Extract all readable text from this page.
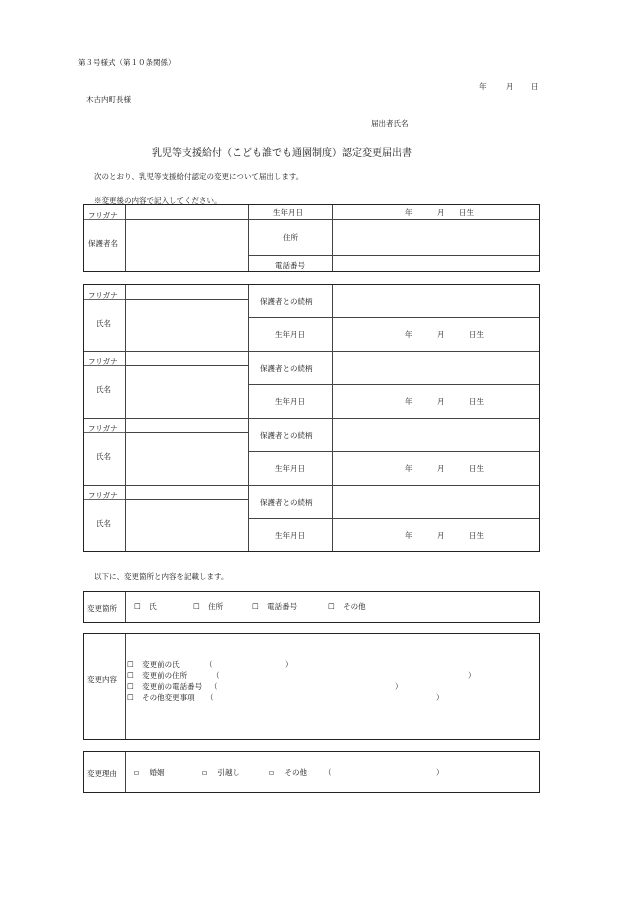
第３号様式（第１０条関係）
年	月 日
木古内町長様
届出者氏名
乳児等支援給付（こども誰でも通園制度）認定変更届出書
次のとおり、乳児等支援給付認定の変更について届出します。
※変更後の内容で記入してください。
フリガナ
保護者名
生年月日	年	月 日生
住所
電話番号
フリガナ
氏名
保護者との続柄
生年月日	年	月	日生
フリガナ
氏名
保護者との続柄
生年月日	年	月	日生
フリガナ
氏名
保護者との続柄
生年月日	年	月	日生
フリガナ
氏名
保護者との続柄
生年月日	年	月	日生
以下に、変更箇所と内容を記載します。
変更箇所 ☐ 氏	☐ 住所	☐ 電話番号	☐ その他
変更内容
☐ 変更前の氏	（	）
☐ 変更前の住所	（	）
☐ 変更前の電話番号 （	）
☐ その他変更事項 （	）
変更理由 ▫ 婚姻	▫ 引越し	▫ その他 （	）
